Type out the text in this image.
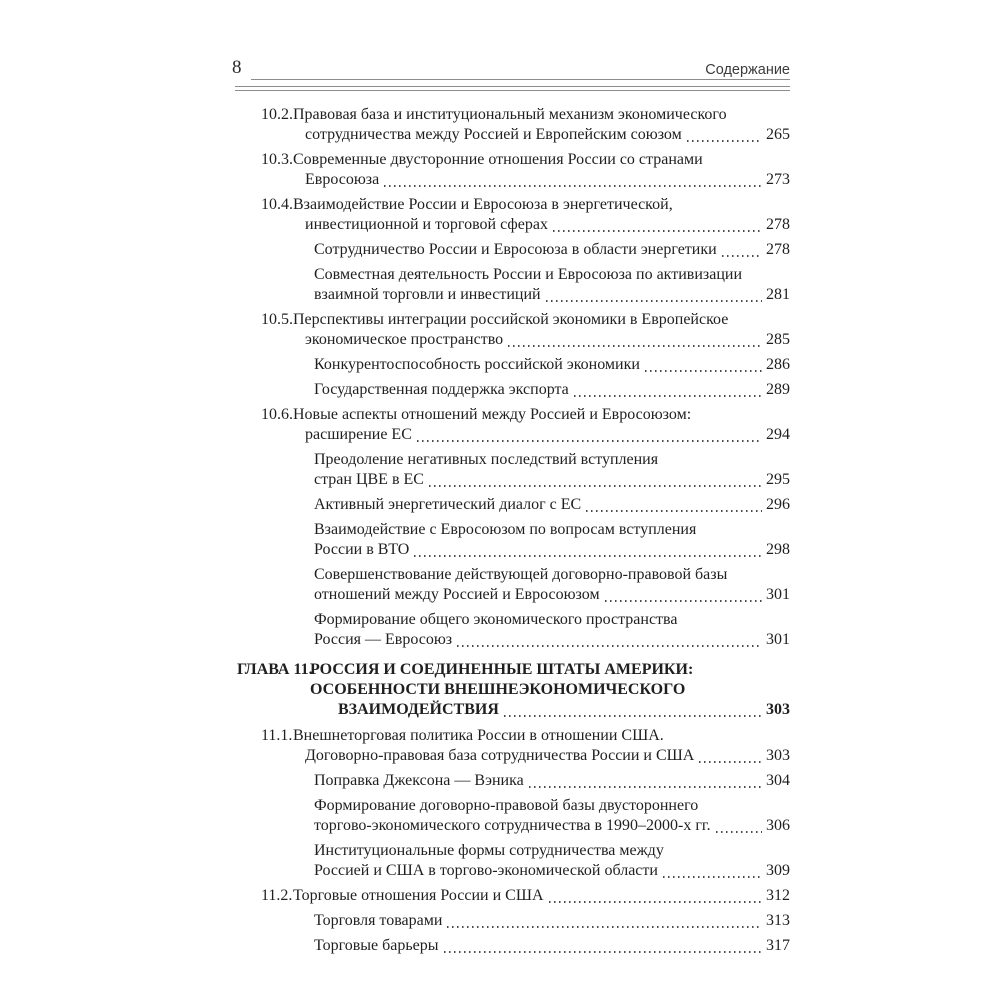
8	Содержание
10.2. Правовая база и институциональный механизм экономического
сотрудничества между Россией и Европейским союзом	265
10.3. Современные двусторонние отношения России со странами
Евросоюза	273
10.4. Взаимодействие России и Евросоюза в энергетической,
инвестиционной и торговой сферах	278
Сотрудничество России и Евросоюза в области энергетики	278
Совместная деятельность России и Евросоюза по активизации
взаимной торговли и инвестиций	281
10.5. Перспективы интеграции российской экономики в Европейское
экономическое пространство	285
Конкурентоспособность российской экономики	286
Государственная поддержка экспорта	289
10.6. Новые аспекты отношений между Россией и Евросоюзом:
расширение ЕС	294
Преодоление негативных последствий вступления
стран ЦВЕ в ЕС	295
Активный энергетический диалог с ЕС	296
Взаимодействие с Евросоюзом по вопросам вступления
России в ВТО	298
Совершенствование действующей договорно-правовой базы
отношений между Россией и Евросоюзом	301
Формирование общего экономического пространства
Россия — Евросоюз	301
ГЛАВА 11.
РОССИЯ И СОЕДИНЕННЫЕ ШТАТЫ АМЕРИКИ:
ОСОБЕННОСТИ ВНЕШНЕЭКОНОМИЧЕСКОГО
ВЗАИМОДЕЙСТВИЯ	303
11.1. Внешнеторговая политика России в отношении США.
Договорно-правовая база сотрудничества России и США	303
Поправка Джексона — Вэника	304
Формирование договорно-правовой базы двустороннего
торгово-экономического сотрудничества в 1990–2000-х гг.	306
Институциональные формы сотрудничества между
Россией и США в торгово-экономической области	309
11.2. Торговые отношения России и США	312
Торговля товарами	313
Торговые барьеры	317
